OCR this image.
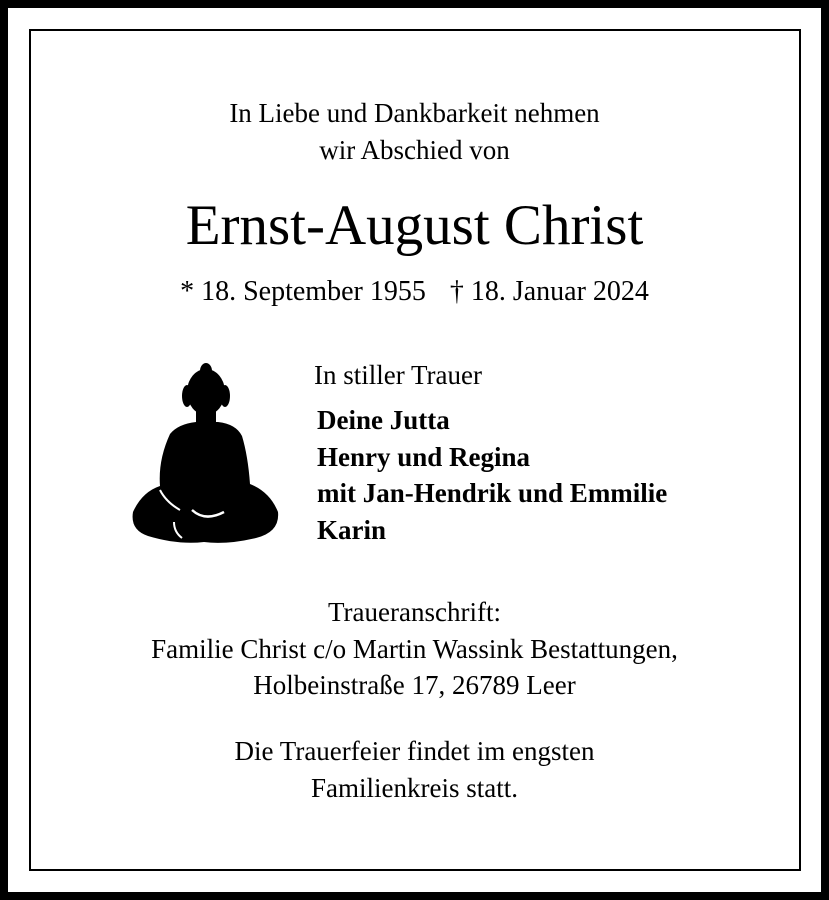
In Liebe und Dankbarkeit nehmen
wir Abschied von
Ernst-August Christ
* 18. September 1955 † 18. Januar 2024
In stiller Trauer
Deine Jutta
Henry und Regina
mit Jan-Hendrik und Emmilie
Karin
Traueranschrift:
Familie Christ c/o Martin Wassink Bestattungen,
Holbeinstraße 17, 26789 Leer
Die Trauerfeier findet im engsten
Familienkreis statt.
